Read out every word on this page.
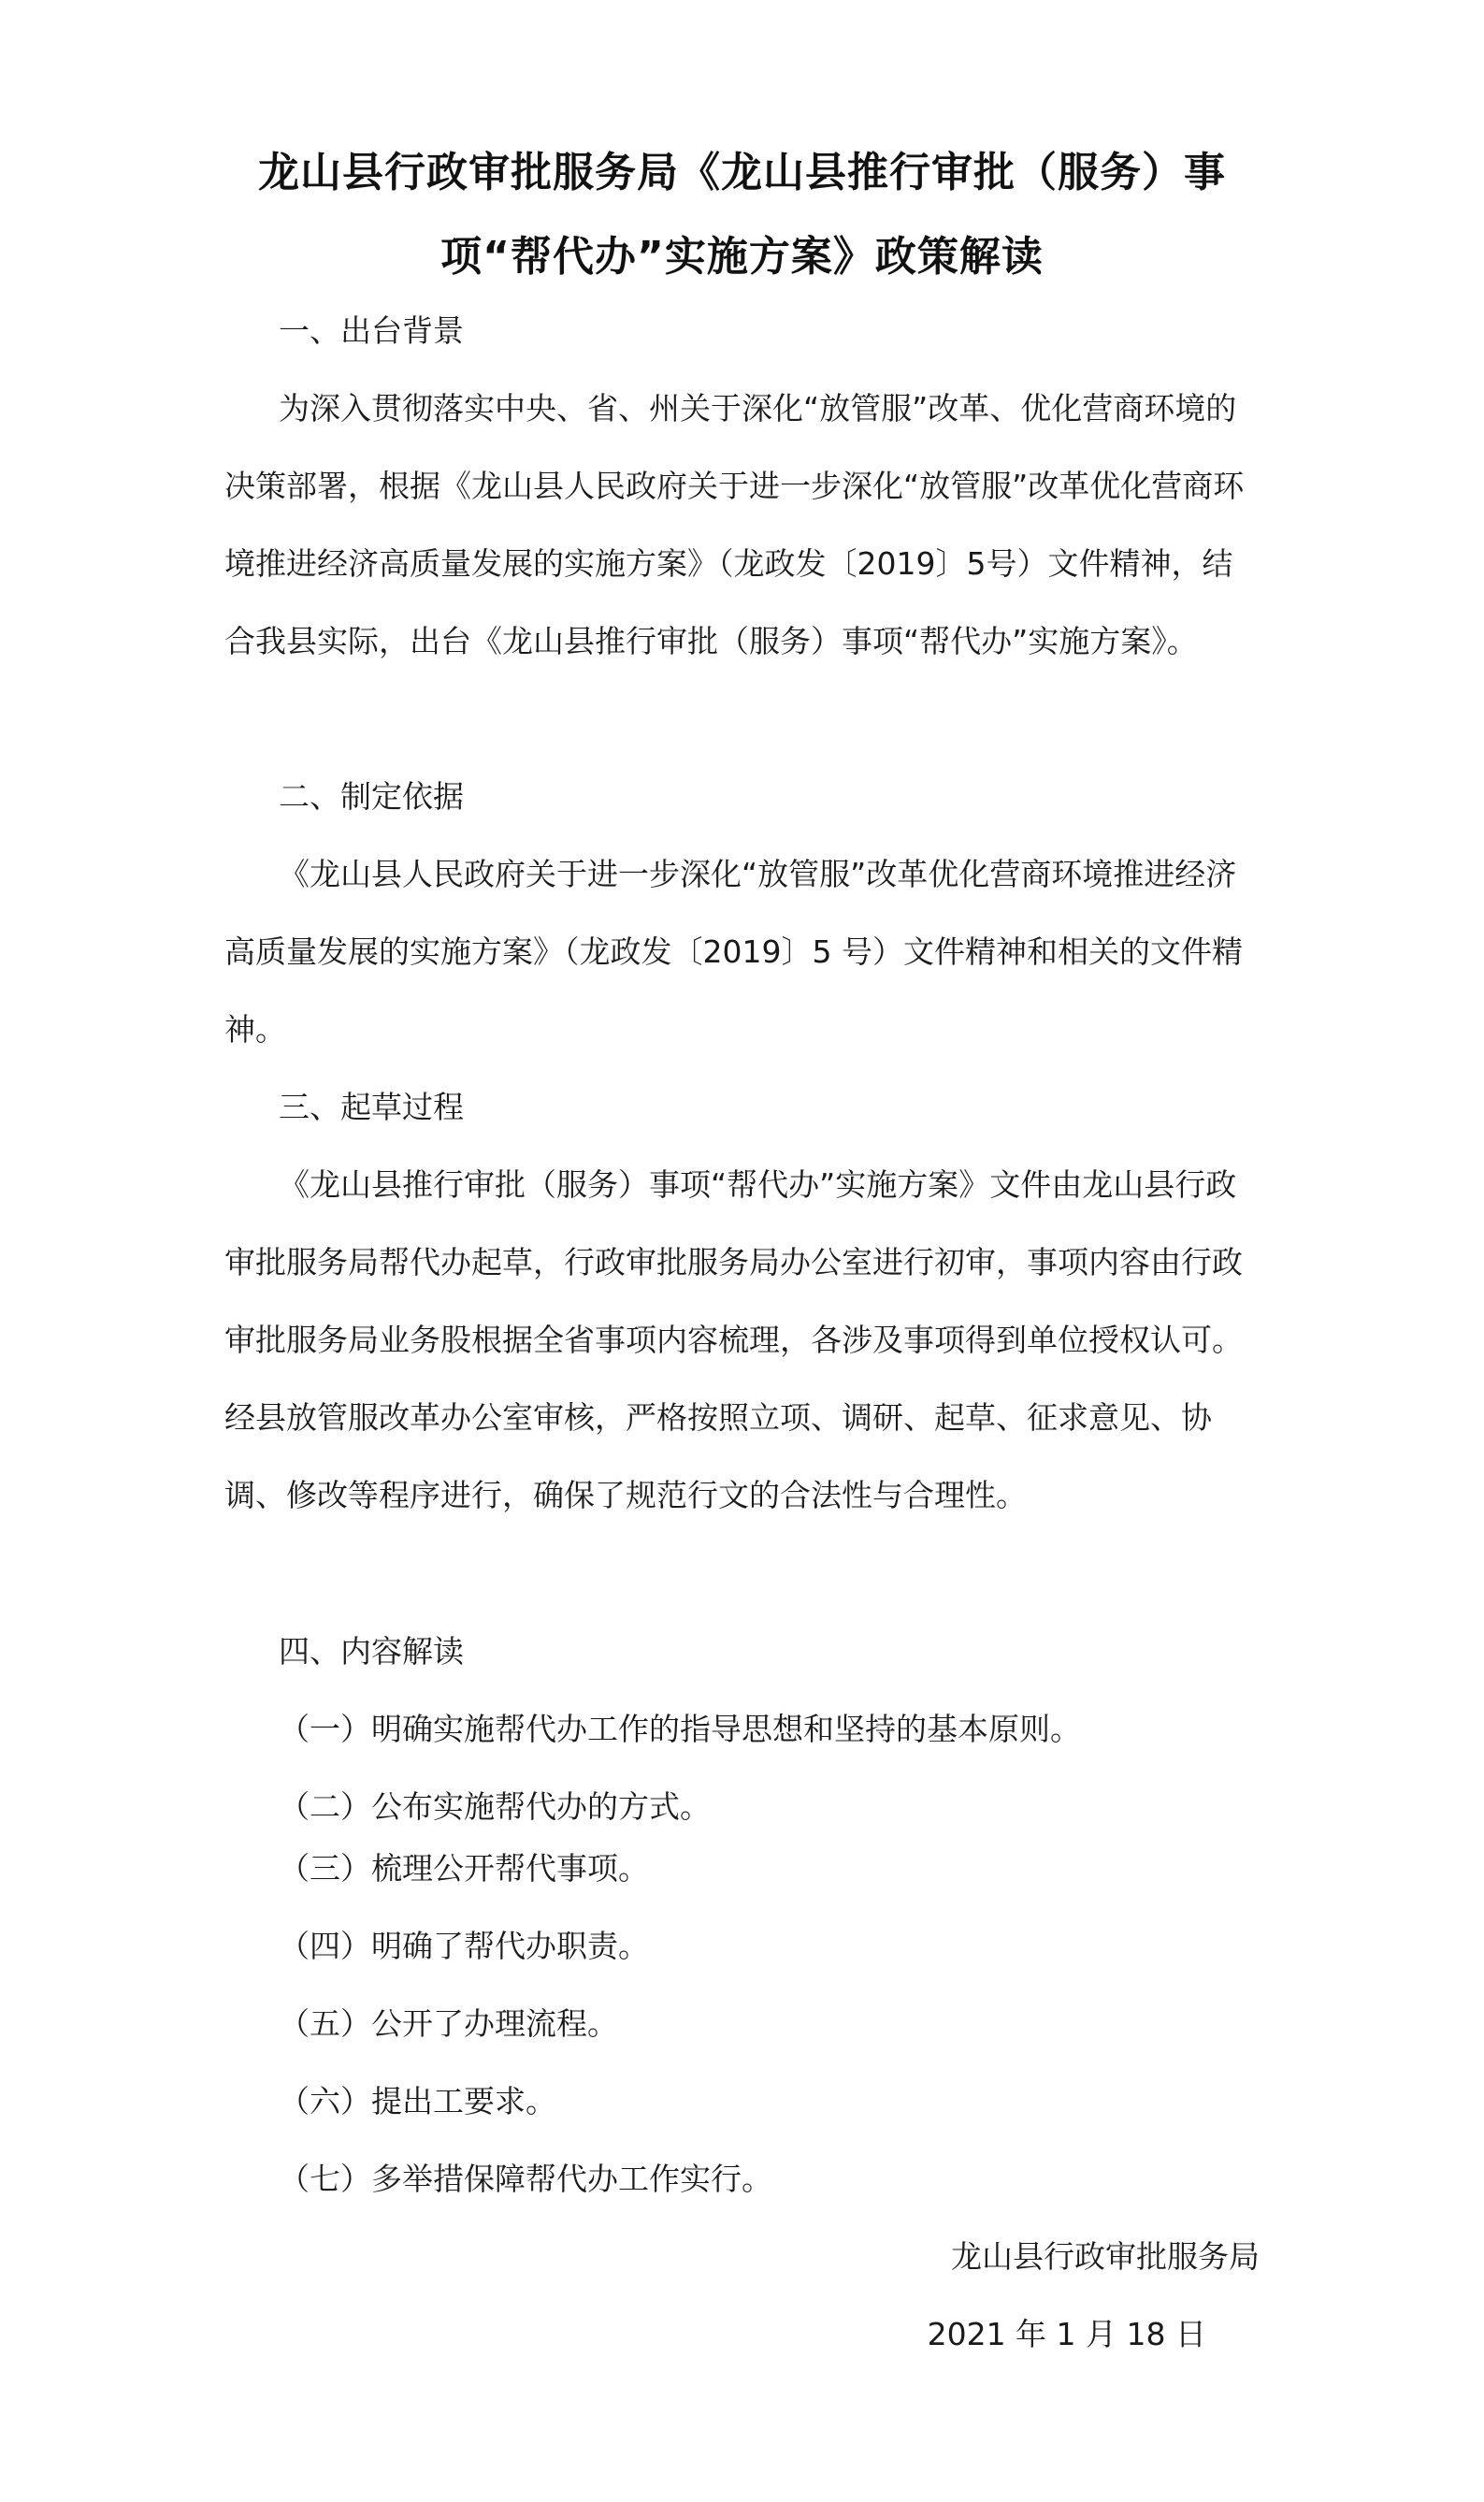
龙山县行政审批服务局《龙山县推行审批（服务）事
项“帮代办”实施方案》政策解读
一、出台背景
为深入贯彻落实中央、省、州关于深化“放管服”改革、优化营商环境的决策部署，根据《龙山县人民政府关于进一步深化“放管服”改革优化营商环境推进经济高质量发展的实施方案》（龙政发〔2019〕5号）文件精神，结合我县实际，出台《龙山县推行审批（服务）事项“帮代办”实施方案》。
二、制定依据
《龙山县人民政府关于进一步深化“放管服”改革优化营商环境推进经济高质量发展的实施方案》（龙政发〔2019〕5 号）文件精神和相关的文件精神。
三、起草过程
《龙山县推行审批（服务）事项“帮代办”实施方案》文件由龙山县行政审批服务局帮代办起草，行政审批服务局办公室进行初审，事项内容由行政审批服务局业务股根据全省事项内容梳理，各涉及事项得到单位授权认可。经县放管服改革办公室审核，严格按照立项、调研、起草、征求意见、协调、修改等程序进行，确保了规范行文的合法性与合理性。
四、内容解读
（一）明确实施帮代办工作的指导思想和坚持的基本原则。
（二）公布实施帮代办的方式。
（三）梳理公开帮代事项。
（四）明确了帮代办职责。
（五）公开了办理流程。
（六）提出工要求。
（七）多举措保障帮代办工作实行。
龙山县行政审批服务局
2021 年 1 月 18 日
